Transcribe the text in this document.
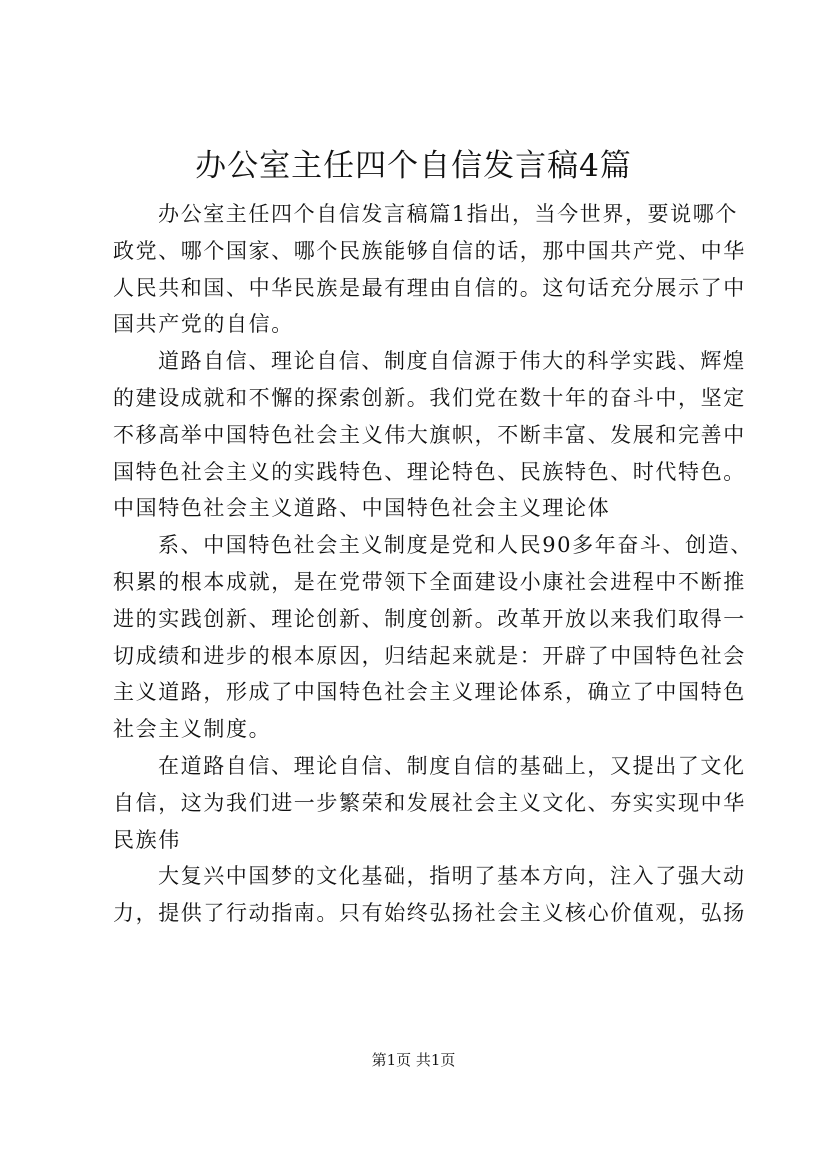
办公室主任四个自信发言稿4篇
办公室主任四个自信发言稿篇1指出，当今世界，要说哪个
政党、哪个国家、哪个民族能够自信的话，那中国共产党、中华
人民共和国、中华民族是最有理由自信的。这句话充分展示了中
国共产党的自信。
道路自信、理论自信、制度自信源于伟大的科学实践、辉煌
的建设成就和不懈的探索创新。我们党在数十年的奋斗中，坚定
不移高举中国特色社会主义伟大旗帜，不断丰富、发展和完善中
国特色社会主义的实践特色、理论特色、民族特色、时代特色。
中国特色社会主义道路、中国特色社会主义理论体
系、中国特色社会主义制度是党和人民90多年奋斗、创造、
积累的根本成就，是在党带领下全面建设小康社会进程中不断推
进的实践创新、理论创新、制度创新。改革开放以来我们取得一
切成绩和进步的根本原因，归结起来就是：开辟了中国特色社会
主义道路，形成了中国特色社会主义理论体系，确立了中国特色
社会主义制度。
在道路自信、理论自信、制度自信的基础上，又提出了文化
自信，这为我们进一步繁荣和发展社会主义文化、夯实实现中华
民族伟
大复兴中国梦的文化基础，指明了基本方向，注入了强大动
力，提供了行动指南。只有始终弘扬社会主义核心价值观，弘扬
第1页 共1页
